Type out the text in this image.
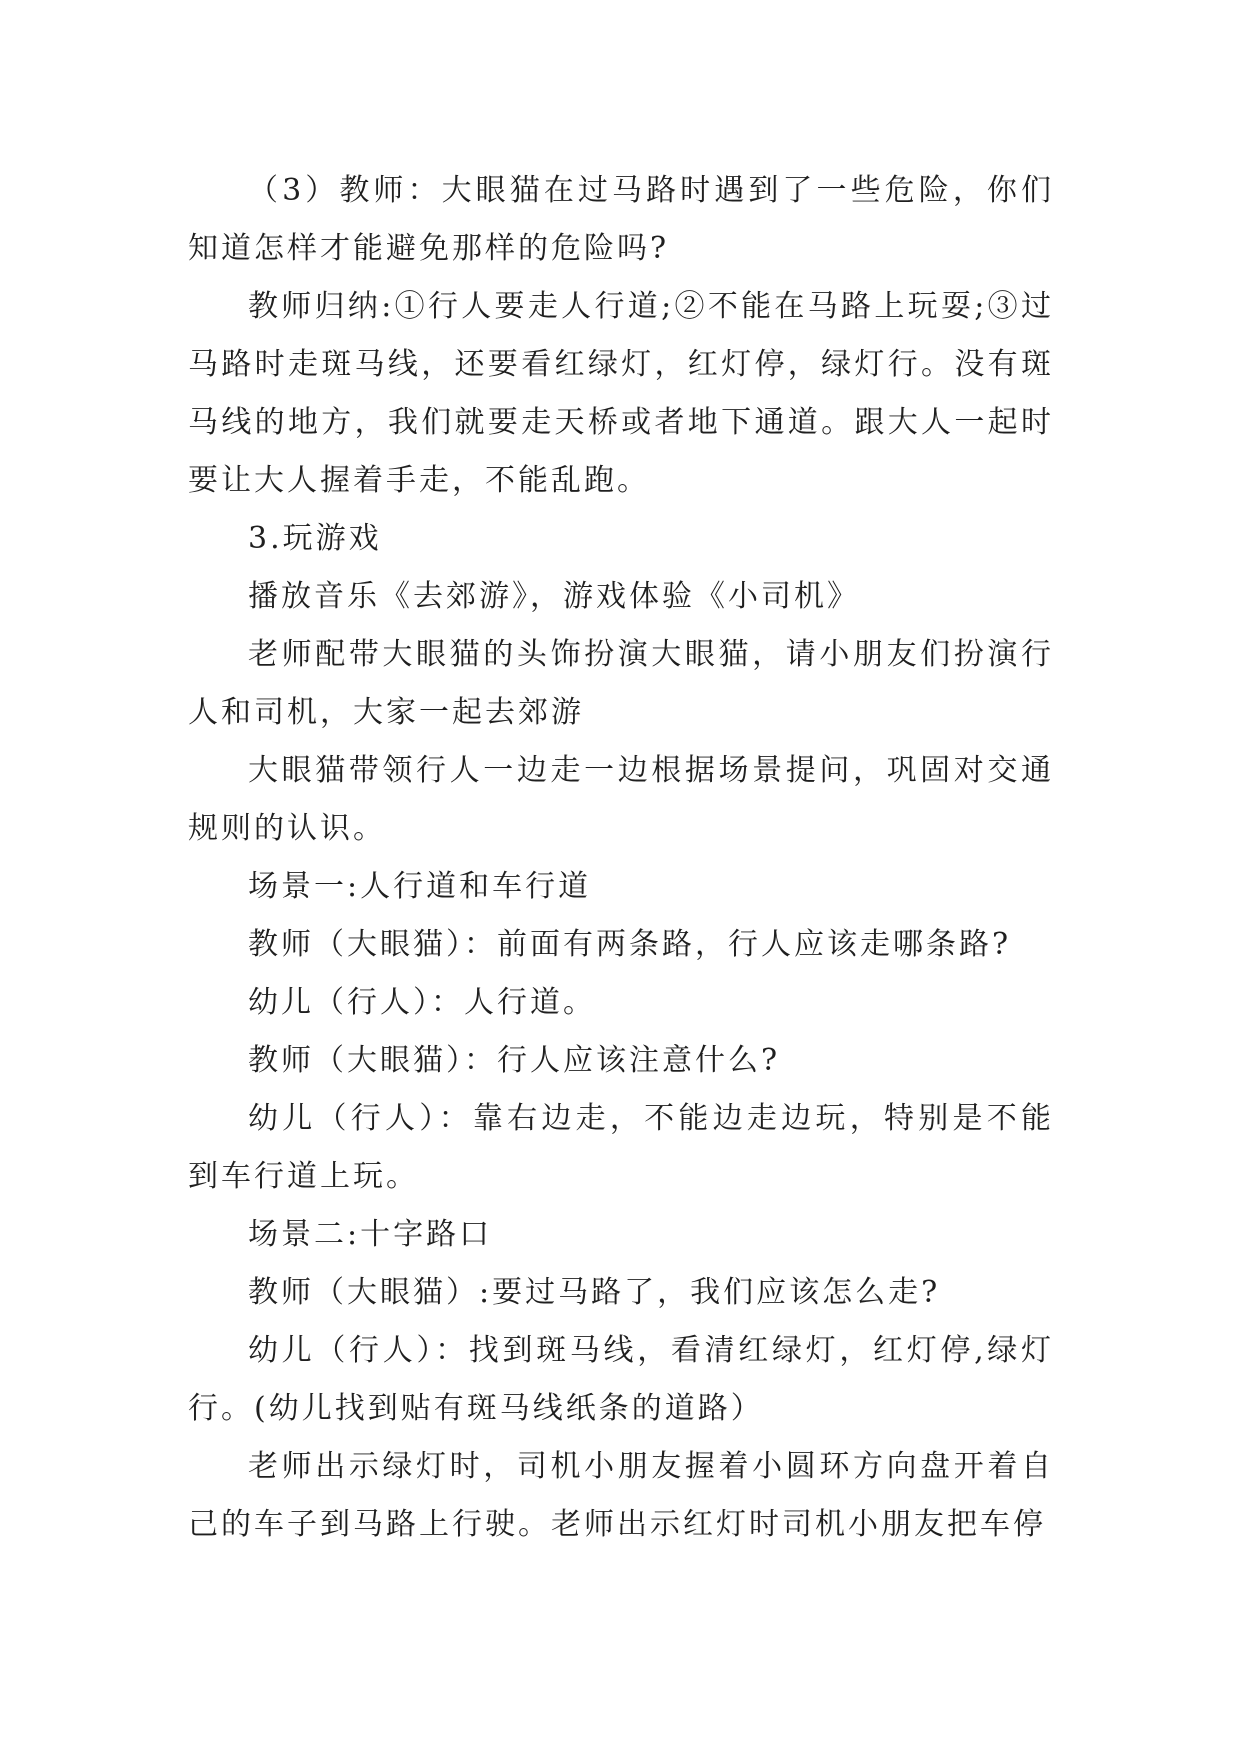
（3）教师：大眼猫在过马路时遇到了一些危险，你们知道怎样才能避免那样的危险吗?

教师归纳:①行人要走人行道;②不能在马路上玩耍;③过马路时走斑马线，还要看红绿灯，红灯停，绿灯行。没有斑马线的地方，我们就要走天桥或者地下通道。跟大人一起时要让大人握着手走，不能乱跑。

3.玩游戏

播放音乐《去郊游》，游戏体验《小司机》

老师配带大眼猫的头饰扮演大眼猫，请小朋友们扮演行人和司机，大家一起去郊游

大眼猫带领行人一边走一边根据场景提问，巩固对交通规则的认识。

场景一:人行道和车行道

教师（大眼猫）：前面有两条路，行人应该走哪条路?

幼儿（行人）：人行道。

教师（大眼猫）：行人应该注意什么?

幼儿（行人）：靠右边走，不能边走边玩，特别是不能到车行道上玩。

场景二:十字路口

教师（大眼猫）:要过马路了，我们应该怎么走?

幼儿（行人）：找到斑马线，看清红绿灯，红灯停,绿灯行。(幼儿找到贴有斑马线纸条的道路）

老师出示绿灯时，司机小朋友握着小圆环方向盘开着自己的车子到马路上行驶。老师出示红灯时司机小朋友把车停
